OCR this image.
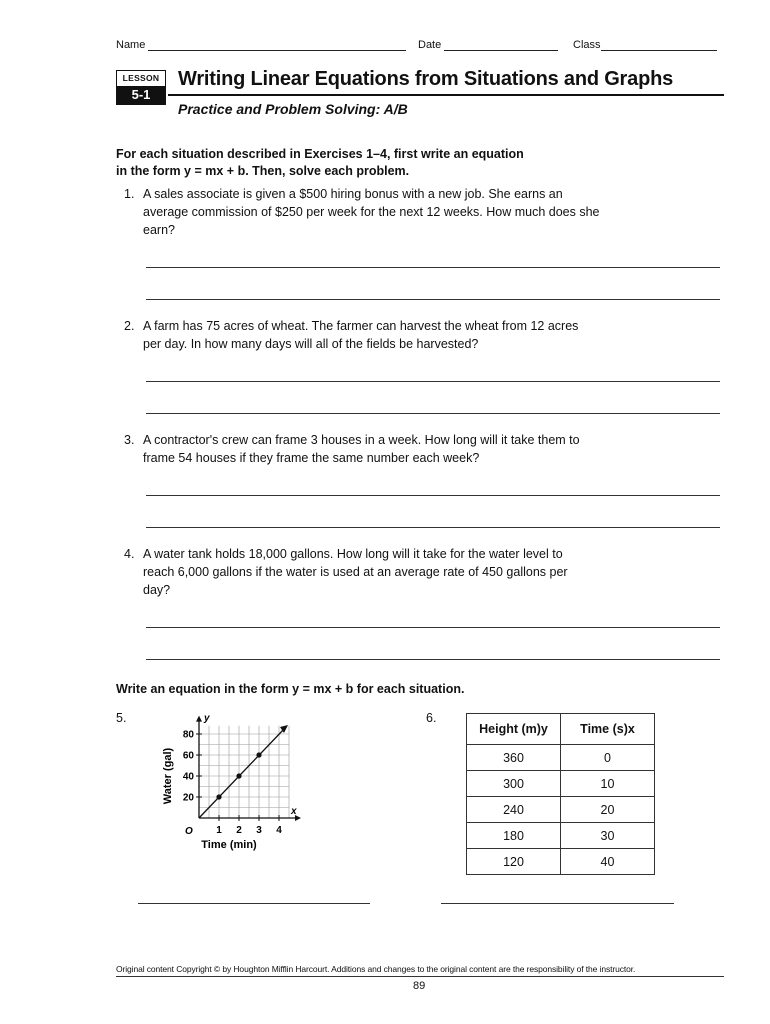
Name	Date	Class
LESSON
5-1
Writing Linear Equations from Situations and Graphs
Practice and Problem Solving: A/B
For each situation described in Exercises 1–4, first write an equation
in the form y = mx + b. Then, solve each problem.
1. A sales associate is given a $500 hiring bonus with a new job. She earns an average commission of $250 per week for the next 12 weeks. How much does she earn?
2. A farm has 75 acres of wheat. The farmer can harvest the wheat from 12 acres per day. In how many days will all of the fields be harvested?
3. A contractor's crew can frame 3 houses in a week. How long will it take them to frame 54 houses if they frame the same number each week?
4. A water tank holds 18,000 gallons. How long will it take for the water level to reach 6,000 gallons if the water is used at an average rate of 450 gallons per day?
Write an equation in the form y = mx + b for each situation.
5.	6.
1 2 3 4
20
40
60
80
Water (gal)
Time (min)
x
y
O
Height (m)y	Time (s)x
360	0
300	10
240	20
180	30
120	40
Original content Copyright © by Houghton Mifflin Harcourt. Additions and changes to the original content are the responsibility of the instructor.
89
